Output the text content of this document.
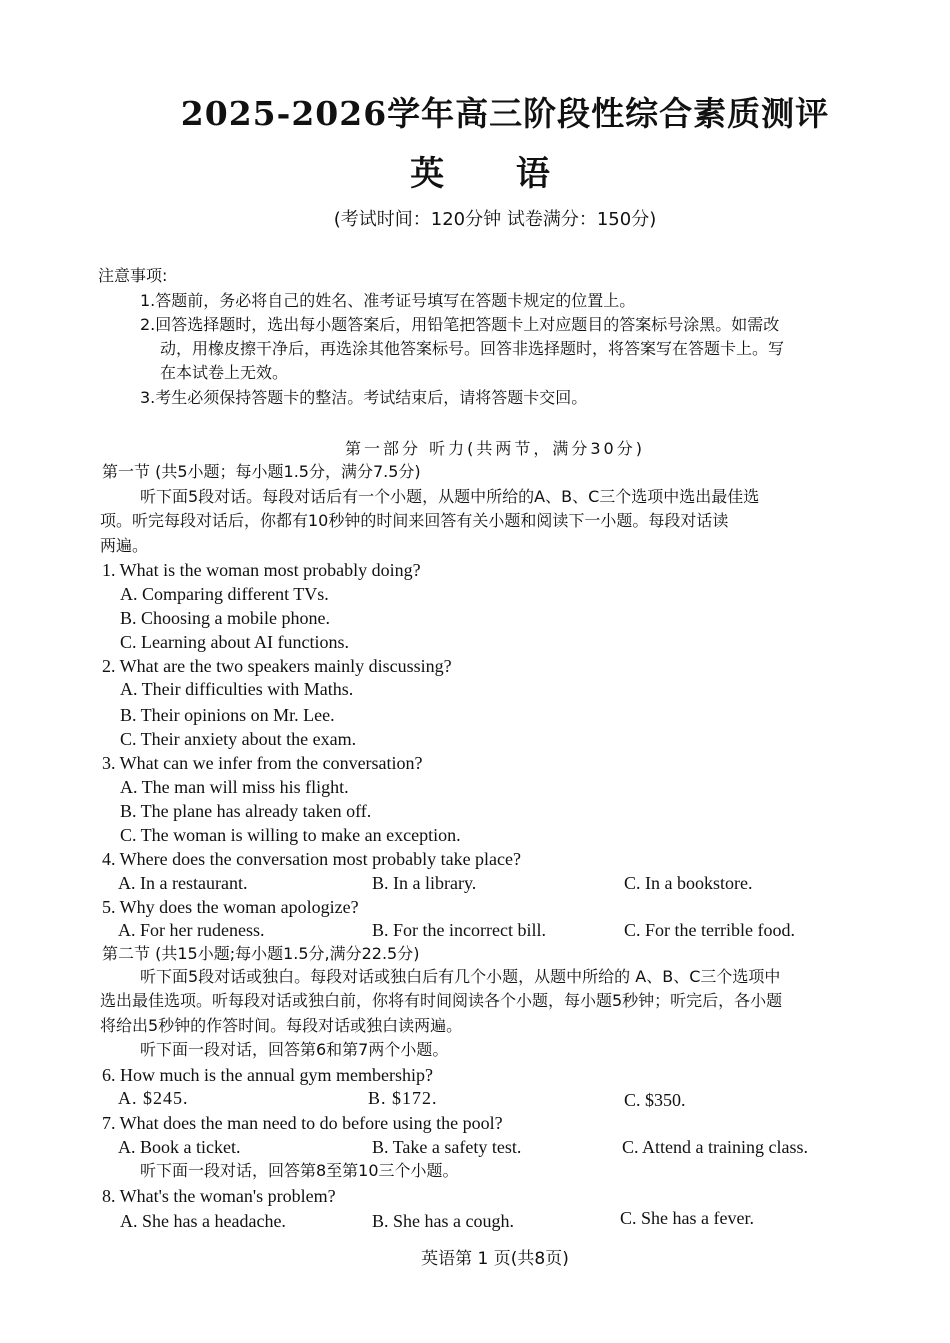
2025-2026学年高三阶段性综合素质测评
英 语
(考试时间：120分钟 试卷满分：150分)
注意事项:
1.答题前，务必将自己的姓名、准考证号填写在答题卡规定的位置上。
2.回答选择题时，选出每小题答案后，用铅笔把答题卡上对应题目的答案标号涂黑。如需改
动，用橡皮擦干净后，再选涂其他答案标号。回答非选择题时，将答案写在答题卡上。写
在本试卷上无效。
3.考生必须保持答题卡的整洁。考试结束后，请将答题卡交回。
第一部分 听力(共两节，满分30分)
第一节 (共5小题；每小题1.5分，满分7.5分)
听下面5段对话。每段对话后有一个小题，从题中所给的A、B、C三个选项中选出最佳选
项。听完每段对话后，你都有10秒钟的时间来回答有关小题和阅读下一小题。每段对话读
两遍。
1. What is the woman most probably doing?
A. Comparing different TVs.
B. Choosing a mobile phone.
C. Learning about AI functions.
2. What are the two speakers mainly discussing?
A. Their difficulties with Maths.
B. Their opinions on Mr. Lee.
C. Their anxiety about the exam.
3. What can we infer from the conversation?
A. The man will miss his flight.
B. The plane has already taken off.
C. The woman is willing to make an exception.
4. Where does the conversation most probably take place?
A. In a restaurant.	B. In a library.	C. In a bookstore.
5. Why does the woman apologize?
A. For her rudeness.	B. For the incorrect bill.	C. For the terrible food.
第二节 (共15小题;每小题1.5分,满分22.5分)
听下面5段对话或独白。每段对话或独白后有几个小题，从题中所给的 A、B、C三个选项中
选出最佳选项。听每段对话或独白前，你将有时间阅读各个小题，每小题5秒钟；听完后，各小题
将给出5秒钟的作答时间。每段对话或独白读两遍。
听下面一段对话，回答第6和第7两个小题。
6. How much is the annual gym membership?
A. $245.	B. $172.	C. $350.
7. What does the man need to do before using the pool?
A. Book a ticket.	B. Take a safety test.	C. Attend a training class.
听下面一段对话，回答第8至第10三个小题。
8. What's the woman's problem?
A. She has a headache.	B. She has a cough.	C. She has a fever.
英语第 1 页(共8页)
